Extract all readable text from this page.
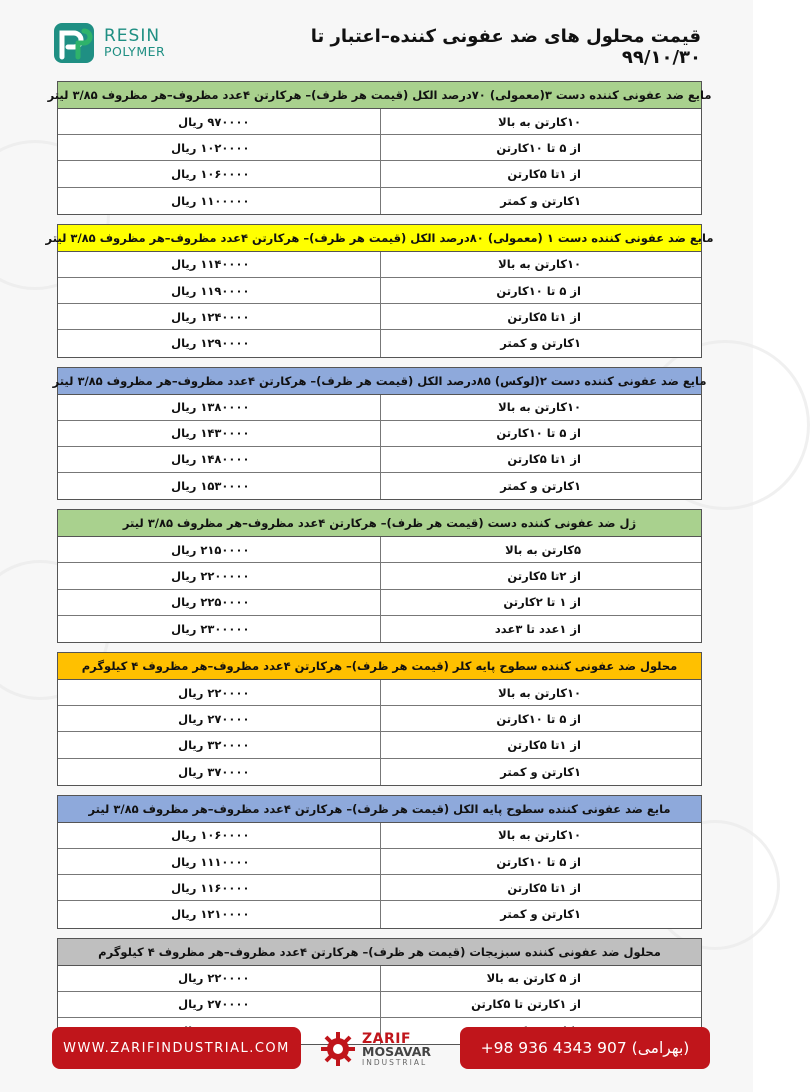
RESIN
POLYMER
قیمت محلول های ضد عفونی کننده–اعتبار تا ۹۹/۱۰/۳۰
مایع ضد عفونی کننده دست ۳(معمولی) ۷۰درصد الکل (قیمت هر ظرف)– هرکارتن ۴عدد مظروف–هر مظروف ۳/۸۵ لیتر
۱۰کارتن به بالا
۹۷۰۰۰۰ ریال
از ۵ تا ۱۰کارتن
۱۰۲۰۰۰۰ ریال
از ۱تا ۵کارتن
۱۰۶۰۰۰۰ ریال
۱کارتن و کمتر
۱۱۰۰۰۰۰ ریال
مایع ضد عفونی کننده دست ۱ (معمولی) ۸۰درصد الکل (قیمت هر ظرف)– هرکارتن ۴عدد مظروف–هر مظروف ۳/۸۵ لیتر
۱۰کارتن به بالا
۱۱۴۰۰۰۰ ریال
از ۵ تا ۱۰کارتن
۱۱۹۰۰۰۰ ریال
از ۱تا ۵کارتن
۱۲۴۰۰۰۰ ریال
۱کارتن و کمتر
۱۲۹۰۰۰۰ ریال
مایع ضد عفونی کننده دست ۲(لوکس) ۸۵درصد الکل (قیمت هر ظرف)– هرکارتن ۴عدد مظروف–هر مظروف ۳/۸۵ لیتر
۱۰کارتن به بالا
۱۳۸۰۰۰۰ ریال
از ۵ تا ۱۰کارتن
۱۴۳۰۰۰۰ ریال
از ۱تا ۵کارتن
۱۴۸۰۰۰۰ ریال
۱کارتن و کمتر
۱۵۳۰۰۰۰ ریال
ژل ضد عفونی کننده دست (قیمت هر ظرف)– هرکارتن ۴عدد مظروف–هر مظروف ۳/۸۵ لیتر
۵کارتن به بالا
۲۱۵۰۰۰۰ ریال
از ۲تا ۵کارتن
۲۲۰۰۰۰۰ ریال
از ۱ تا ۲کارتن
۲۲۵۰۰۰۰ ریال
از ۱عدد تا ۳عدد
۲۳۰۰۰۰۰ ریال
محلول ضد عفونی کننده سطوح پایه کلر (قیمت هر ظرف)– هرکارتن ۴عدد مظروف–هر مظروف ۴ کیلوگرم
۱۰کارتن به بالا
۲۲۰۰۰۰ ریال
از ۵ تا ۱۰کارتن
۲۷۰۰۰۰ ریال
از ۱تا ۵کارتن
۳۲۰۰۰۰ ریال
۱کارتن و کمتر
۳۷۰۰۰۰ ریال
مایع ضد عفونی کننده سطوح پایه الکل (قیمت هر ظرف)– هرکارتن ۴عدد مظروف–هر مظروف ۳/۸۵ لیتر
۱۰کارتن به بالا
۱۰۶۰۰۰۰ ریال
از ۵ تا ۱۰کارتن
۱۱۱۰۰۰۰ ریال
از ۱تا ۵کارتن
۱۱۶۰۰۰۰ ریال
۱کارتن و کمتر
۱۲۱۰۰۰۰ ریال
محلول ضد عفونی کننده سبزیجات (قیمت هر ظرف)– هرکارتن ۴عدد مظروف–هر مظروف ۴ کیلوگرم
از ۵ کارتن به بالا
۲۲۰۰۰۰ ریال
از ۱کارتن تا ۵کارتن
۲۷۰۰۰۰ ریال
WWW.ZARIFINDUSTRIAL.COM
ZARIF
MOSAVAR
INDUSTRIAL
+98 936 4343 907 (بهرامی)
